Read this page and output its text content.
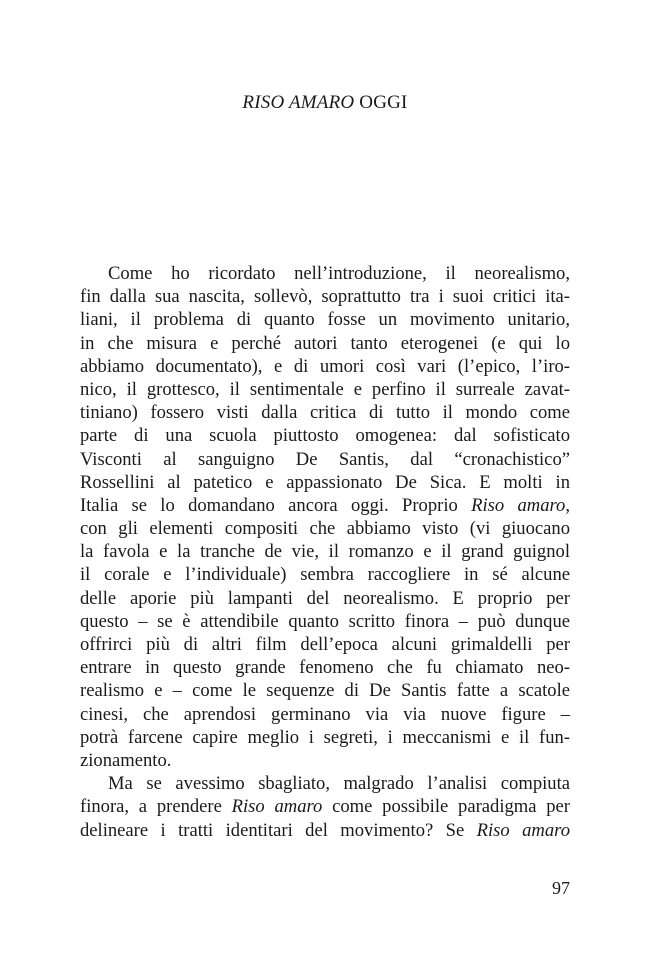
RISO AMARO OGGI
Come ho ricordato nell’introduzione, il neorealismo,
fin dalla sua nascita, sollevò, soprattutto tra i suoi critici ita-
liani, il problema di quanto fosse un movimento unitario,
in che misura e perché autori tanto eterogenei (e qui lo
abbiamo documentato), e di umori così vari (l’epico, l’iro-
nico, il grottesco, il sentimentale e perfino il surreale zavat-
tiniano) fossero visti dalla critica di tutto il mondo come
parte di una scuola piuttosto omogenea: dal sofisticato
Visconti al sanguigno De Santis, dal “cronachistico”
Rossellini al patetico e appassionato De Sica. E molti in
Italia se lo domandano ancora oggi. Proprio Riso amaro,
con gli elementi compositi che abbiamo visto (vi giuocano
la favola e la tranche de vie, il romanzo e il grand guignol
il corale e l’individuale) sembra raccogliere in sé alcune
delle aporie più lampanti del neorealismo. E proprio per
questo – se è attendibile quanto scritto finora – può dunque
offrirci più di altri film dell’epoca alcuni grimaldelli per
entrare in questo grande fenomeno che fu chiamato neo-
realismo e – come le sequenze di De Santis fatte a scatole
cinesi, che aprendosi germinano via via nuove figure –
potrà farcene capire meglio i segreti, i meccanismi e il fun-
zionamento.
Ma se avessimo sbagliato, malgrado l’analisi compiuta
finora, a prendere Riso amaro come possibile paradigma per
delineare i tratti identitari del movimento? Se Riso amaro

97
